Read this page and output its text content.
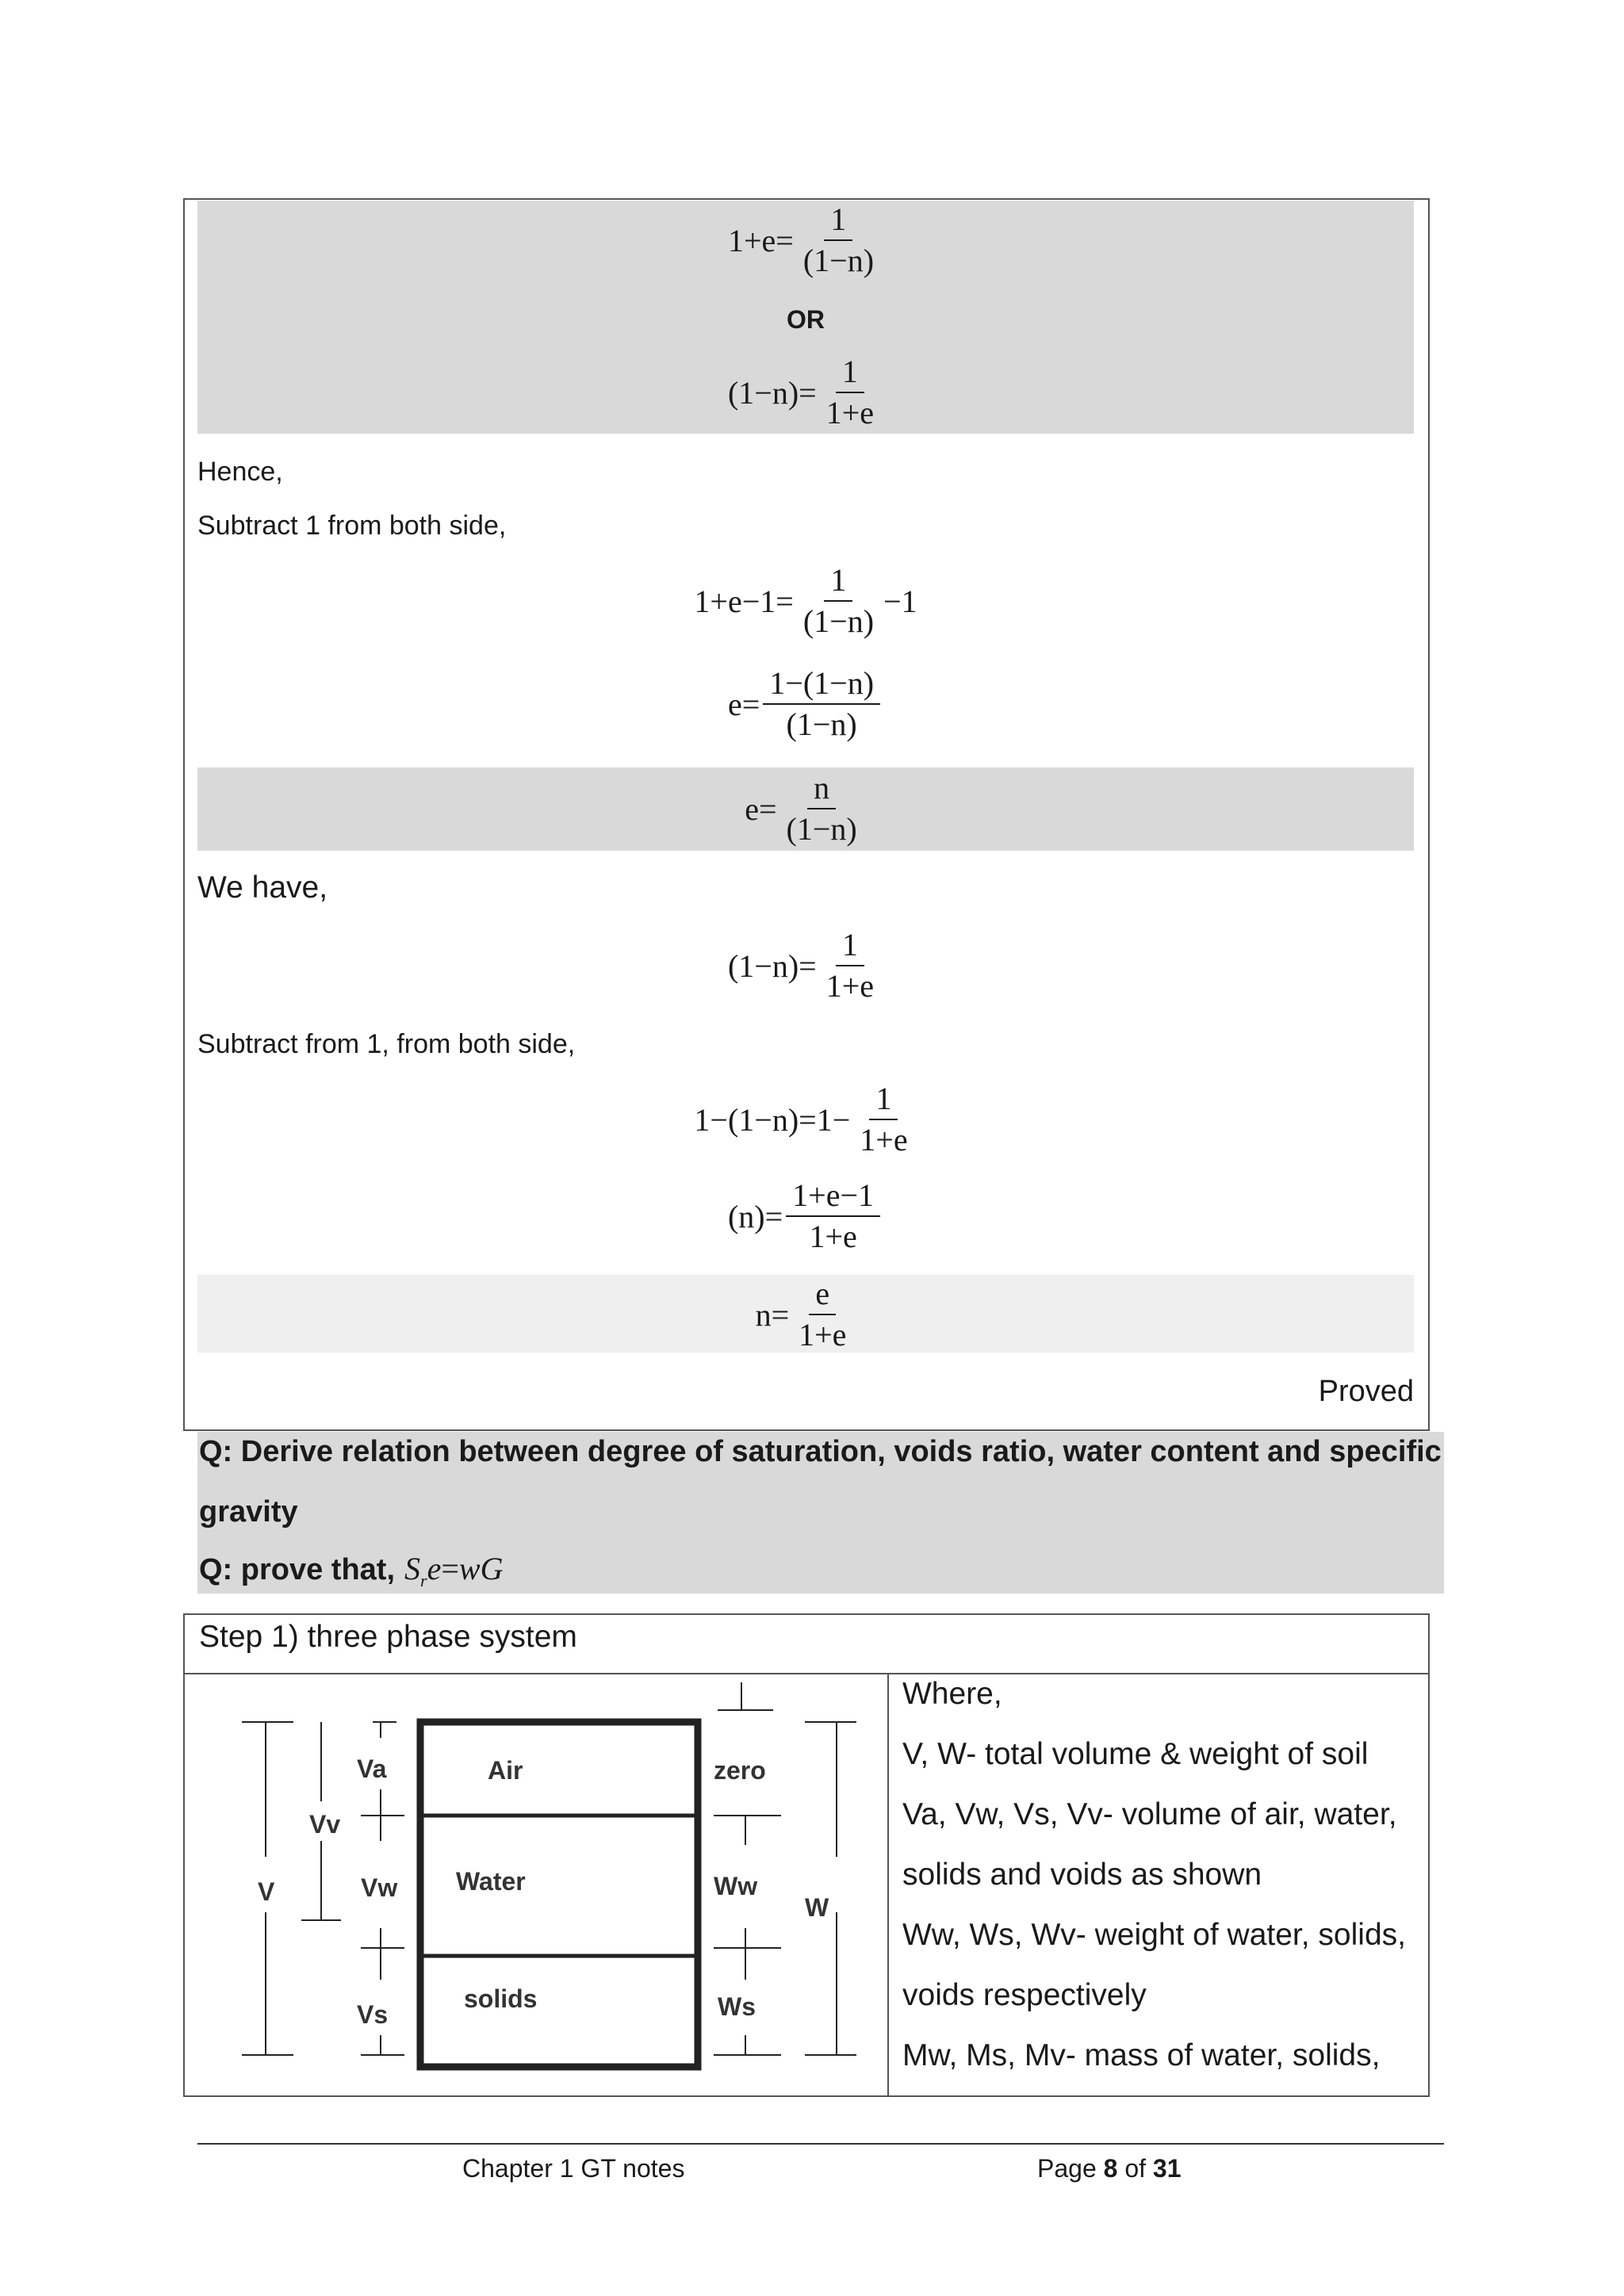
$1+e= \frac{1}{(1-n)}$
OR
$(1-n)= \frac{1}{1+e}$
Hence,
Subtract 1 from both side,
$1+e-1= \frac{1}{(1-n)} -1$
$e= \frac{1-(1-n)}{(1-n)}$
$e= \frac{n}{(1-n)}$
We have,
$(1-n)= \frac{1}{1+e}$
Subtract from 1, from both side,
$1-(1-n)=1- \frac{1}{1+e}$
$(n)= \frac{1+e-1}{1+e}$
$n= \frac{e}{1+e}$
Proved
Q: Derive relation between degree of saturation, voids ratio, water content and specific
gravity
Q: prove that, $S_re=wG$
Step 1) three phase system
Va
Vv
Vw
V
Vs
Air
Water
solids
zero
Ww
W
Ws
Where,
V, W- total volume & weight of soil
Va, Vw, Vs, Vv- volume of air, water,
solids and voids as shown
Ww, Ws, Wv- weight of water, solids,
voids respectively
Mw, Ms, Mv- mass of water, solids,
Chapter 1 GT notes	Page 8 of 31
